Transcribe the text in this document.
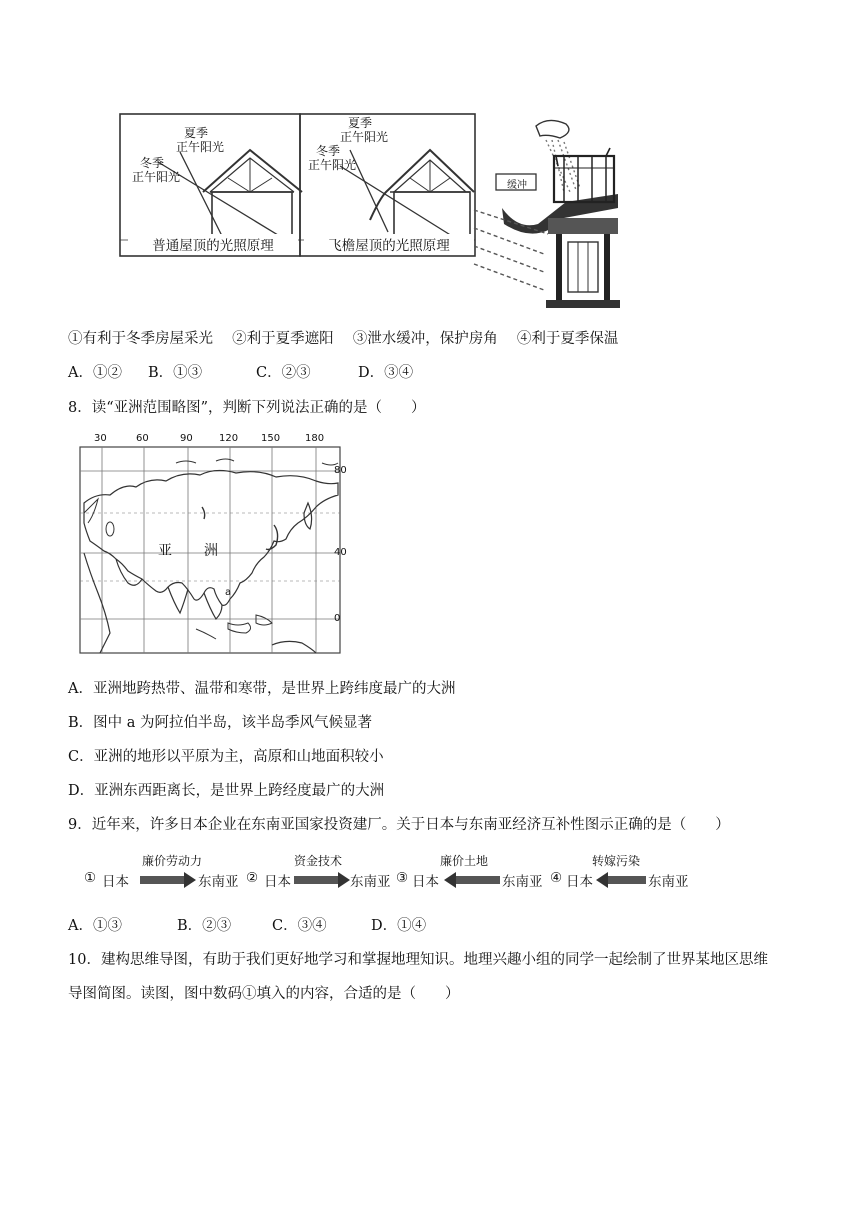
夏季
正午阳光
冬季
正午阳光
普通屋顶的光照原理
夏季
正午阳光
冬季
正午阳光
飞檐屋顶的光照原理
缓冲
①有利于冬季房屋采光　 ②利于夏季遮阳　 ③泄水缓冲，保护房角　 ④利于夏季保温
A．①② B．①③	C．②③	D．③④
8．读“亚洲范围略图”，判断下列说法正确的是（　　）
30	60	90	120 150 180
80
40
0
亚 洲
a
A．亚洲地跨热带、温带和寒带，是世界上跨纬度最广的大洲
B．图中 a 为阿拉伯半岛，该半岛季风气候显著
C．亚洲的地形以平原为主，高原和山地面积较小
D．亚洲东西距离长，是世界上跨经度最广的大洲
9．近年来，许多日本企业在东南亚国家投资建厂。关于日本与东南亚经济互补性图示正确的是（　　）
① 日本
廉价劳动力
东南亚 ② 日本
资金技术
东南亚 ③ 日本
廉价土地
东南亚 ④ 日本
转嫁污染
东南亚
A．①③	B．②③	C．③④	D．①④
10．建构思维导图，有助于我们更好地学习和掌握地理知识。地理兴趣小组的同学一起绘制了世界某地区思维
导图简图。读图，图中数码①填入的内容，合适的是（　　）
